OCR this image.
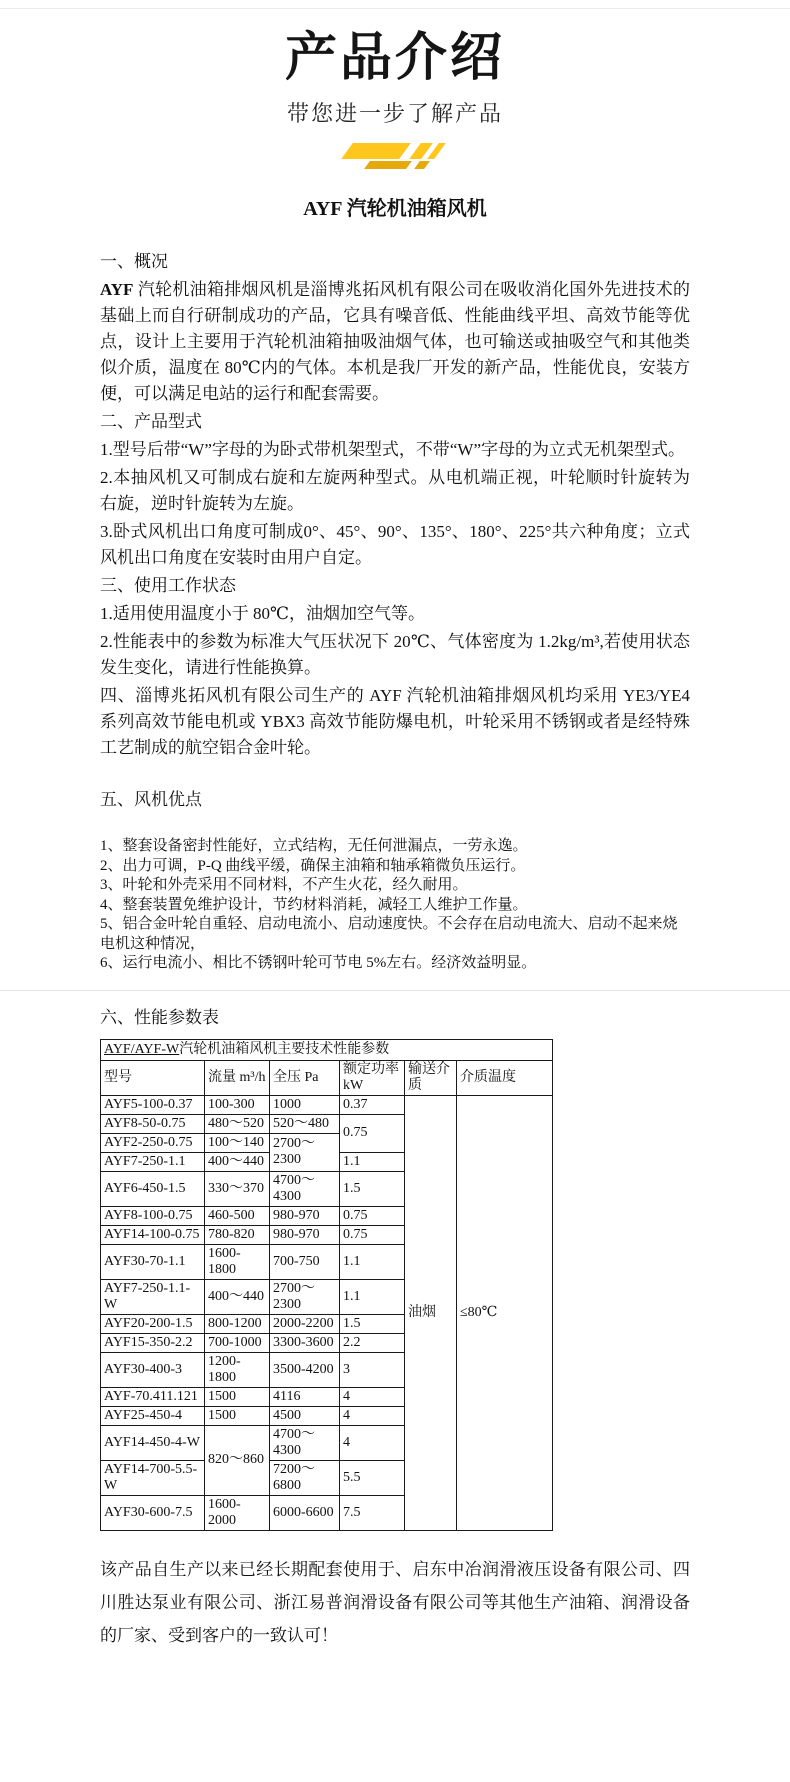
产品介绍
带您进一步了解产品
AYF 汽轮机油箱风机
一、概况

AYF 汽轮机油箱排烟风机是淄博兆拓风机有限公司在吸收消化国外先进技术的基础上而自行研制成功的产品，它具有噪音低、性能曲线平坦、高效节能等优点，设计上主要用于汽轮机油箱抽吸油烟气体，也可输送或抽吸空气和其他类似介质，温度在 80℃内的气体。本机是我厂开发的新产品，性能优良，安装方便，可以满足电站的运行和配套需要。

二、产品型式

1.型号后带“W”字母的为卧式带机架型式，不带“W”字母的为立式无机架型式。

2.本抽风机又可制成右旋和左旋两种型式。从电机端正视，叶轮顺时针旋转为右旋，逆时针旋转为左旋。

3.卧式风机出口角度可制成0°、45°、90°、135°、180°、225°共六种角度；立式风机出口角度在安装时由用户自定。

三、使用工作状态

1.适用使用温度小于 80℃，油烟加空气等。

2.性能表中的参数为标准大气压状况下 20℃、气体密度为 1.2kg/m³,若使用状态发生变化，请进行性能换算。

四、淄博兆拓风机有限公司生产的 AYF 汽轮机油箱排烟风机均采用 YE3/YE4 系列高效节能电机或 YBX3 高效节能防爆电机，叶轮采用不锈钢或者是经特殊工艺制成的航空铝合金叶轮。

五、风机优点

1、整套设备密封性能好，立式结构，无任何泄漏点，一劳永逸。

2、出力可调，P-Q 曲线平缓，确保主油箱和轴承箱微负压运行。

3、叶轮和外壳采用不同材料，不产生火花，经久耐用。

4、整套装置免维护设计，节约材料消耗，减轻工人维护工作量。

5、铝合金叶轮自重轻、启动电流小、启动速度快。不会存在启动电流大、启动不起来烧电机这种情况，

6、运行电流小、相比不锈钢叶轮可节电 5%左右。经济效益明显。

六、性能参数表
AYF/AYF-W汽轮机油箱风机主要技术性能参数					
型号	流量 m³/h	全压 Pa	额定功率kW	输送介质	介质温度
AYF5-100-0.37	100-300	1000	0.37	油烟	≤80℃
AYF8-50-0.75	480～520	520～480	0.75		
AYF2-250-0.75	100～140	2700～2300			
AYF7-250-1.1	400～440		1.1		
AYF6-450-1.5	330～370	4700～4300	1.5		
AYF8-100-0.75	460-500	980-970	0.75		
AYF14-100-0.75	780-820	980-970	0.75		
AYF30-70-1.1	1600-1800	700-750	1.1		
AYF7-250-1.1-W	400～440	2700～2300	1.1		
AYF20-200-1.5	800-1200	2000-2200	1.5		
AYF15-350-2.2	700-1000	3300-3600	2.2		
AYF30-400-3	1200-1800	3500-4200	3		
AYF-70.411.121	1500	4116	4		
AYF25-450-4	1500	4500	4		
AYF14-450-4-W	820～860	4700～4300	4		
AYF14-700-5.5-W		7200～6800	5.5		
AYF30-600-7.5	1600-2000	6000-6600	7.5		

该产品自生产以来已经长期配套使用于、启东中冶润滑液压设备有限公司、四川胜达泵业有限公司、浙江易普润滑设备有限公司等其他生产油箱、润滑设备的厂家、受到客户的一致认可！
